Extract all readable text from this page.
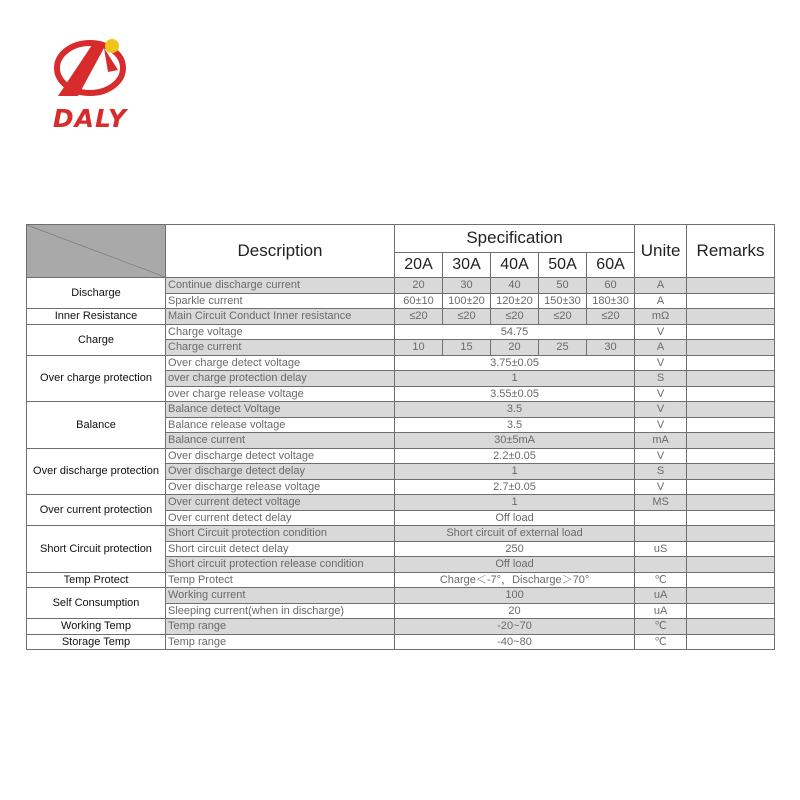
DALY
	Description	Specification					Unite	Remarks
		20A	30A	40A	50A	60A		
Discharge	Continue discharge current	20	30	40	50	60	A	
	Sparkle current	60±10	100±20	120±20	150±30	180±30	A	
Inner Resistance	Main Circuit Conduct Inner resistance	≤20	≤20	≤20	≤20	≤20	mΩ	
Charge	Charge voltage	54.75					V	
	Charge current	10	15	20	25	30	A	
Over charge protection	Over charge detect voltage	3.75±0.05					V	
	over charge protection delay	1					S	
	over charge release voltage	3.55±0.05					V	
Balance	Balance detect Voltage	3.5					V	
	Balance release voltage	3.5					V	
	Balance current	30±5mA					mA	
Over discharge protection	Over discharge detect voltage	2.2±0.05					V	
	Over discharge detect delay	1					S	
	Over discharge release voltage	2.7±0.05					V	
Over current protection	Over current detect voltage	1					MS	
	Over current detect delay	Off load						
Short Circuit protection	Short Circuit protection condition	Short circuit of external load						
	Short circuit detect delay	250					uS	
	Short circuit protection release condition	Off load						
Temp Protect	Temp Protect	Charge＜-7°，Discharge＞70°					℃	
Self Consumption	Working current	100					uA	
	Sleeping current(when in discharge)	20					uA	
Working Temp	Temp range	-20~70					℃	
Storage Temp	Temp range	-40~80					℃	
